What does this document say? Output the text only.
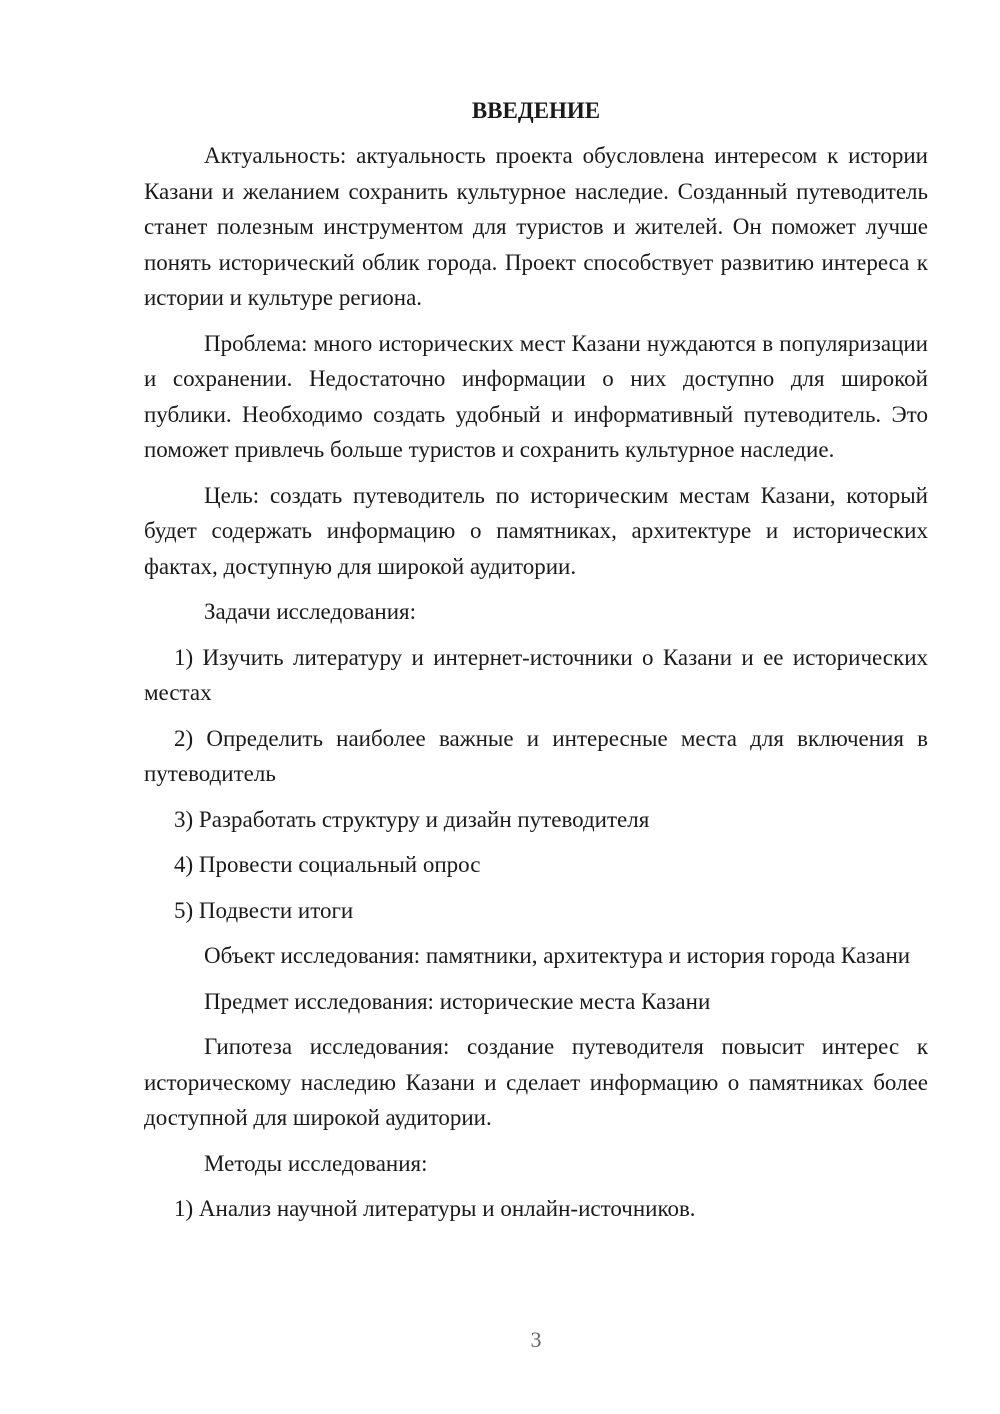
ВВЕДЕНИЕ

Актуальность: актуальность проекта обусловлена интересом к истории Казани и желанием сохранить культурное наследие. Созданный путеводитель станет полезным инструментом для туристов и жителей. Он поможет лучше понять исторический облик города. Проект способствует развитию интереса к истории и культуре региона.

Проблема: много исторических мест Казани нуждаются в популяризации и сохранении. Недостаточно информации о них доступно для широкой публики. Необходимо создать удобный и информативный путеводитель. Это поможет привлечь больше туристов и сохранить культурное наследие.

Цель: создать путеводитель по историческим местам Казани, который будет содержать информацию о памятниках, архитектуре и исторических фактах, доступную для широкой аудитории.

Задачи исследования:

1) Изучить литературу и интернет-источники о Казани и ее исторических местах

2) Определить наиболее важные и интересные места для включения в путеводитель

3) Разработать структуру и дизайн путеводителя

4) Провести социальный опрос

5) Подвести итоги

Объект исследования: памятники, архитектура и история города Казани

Предмет исследования: исторические места Казани

Гипотеза исследования: создание путеводителя повысит интерес к историческому наследию Казани и сделает информацию о памятниках более доступной для широкой аудитории.

Методы исследования:

1) Анализ научной литературы и онлайн-источников.

3
